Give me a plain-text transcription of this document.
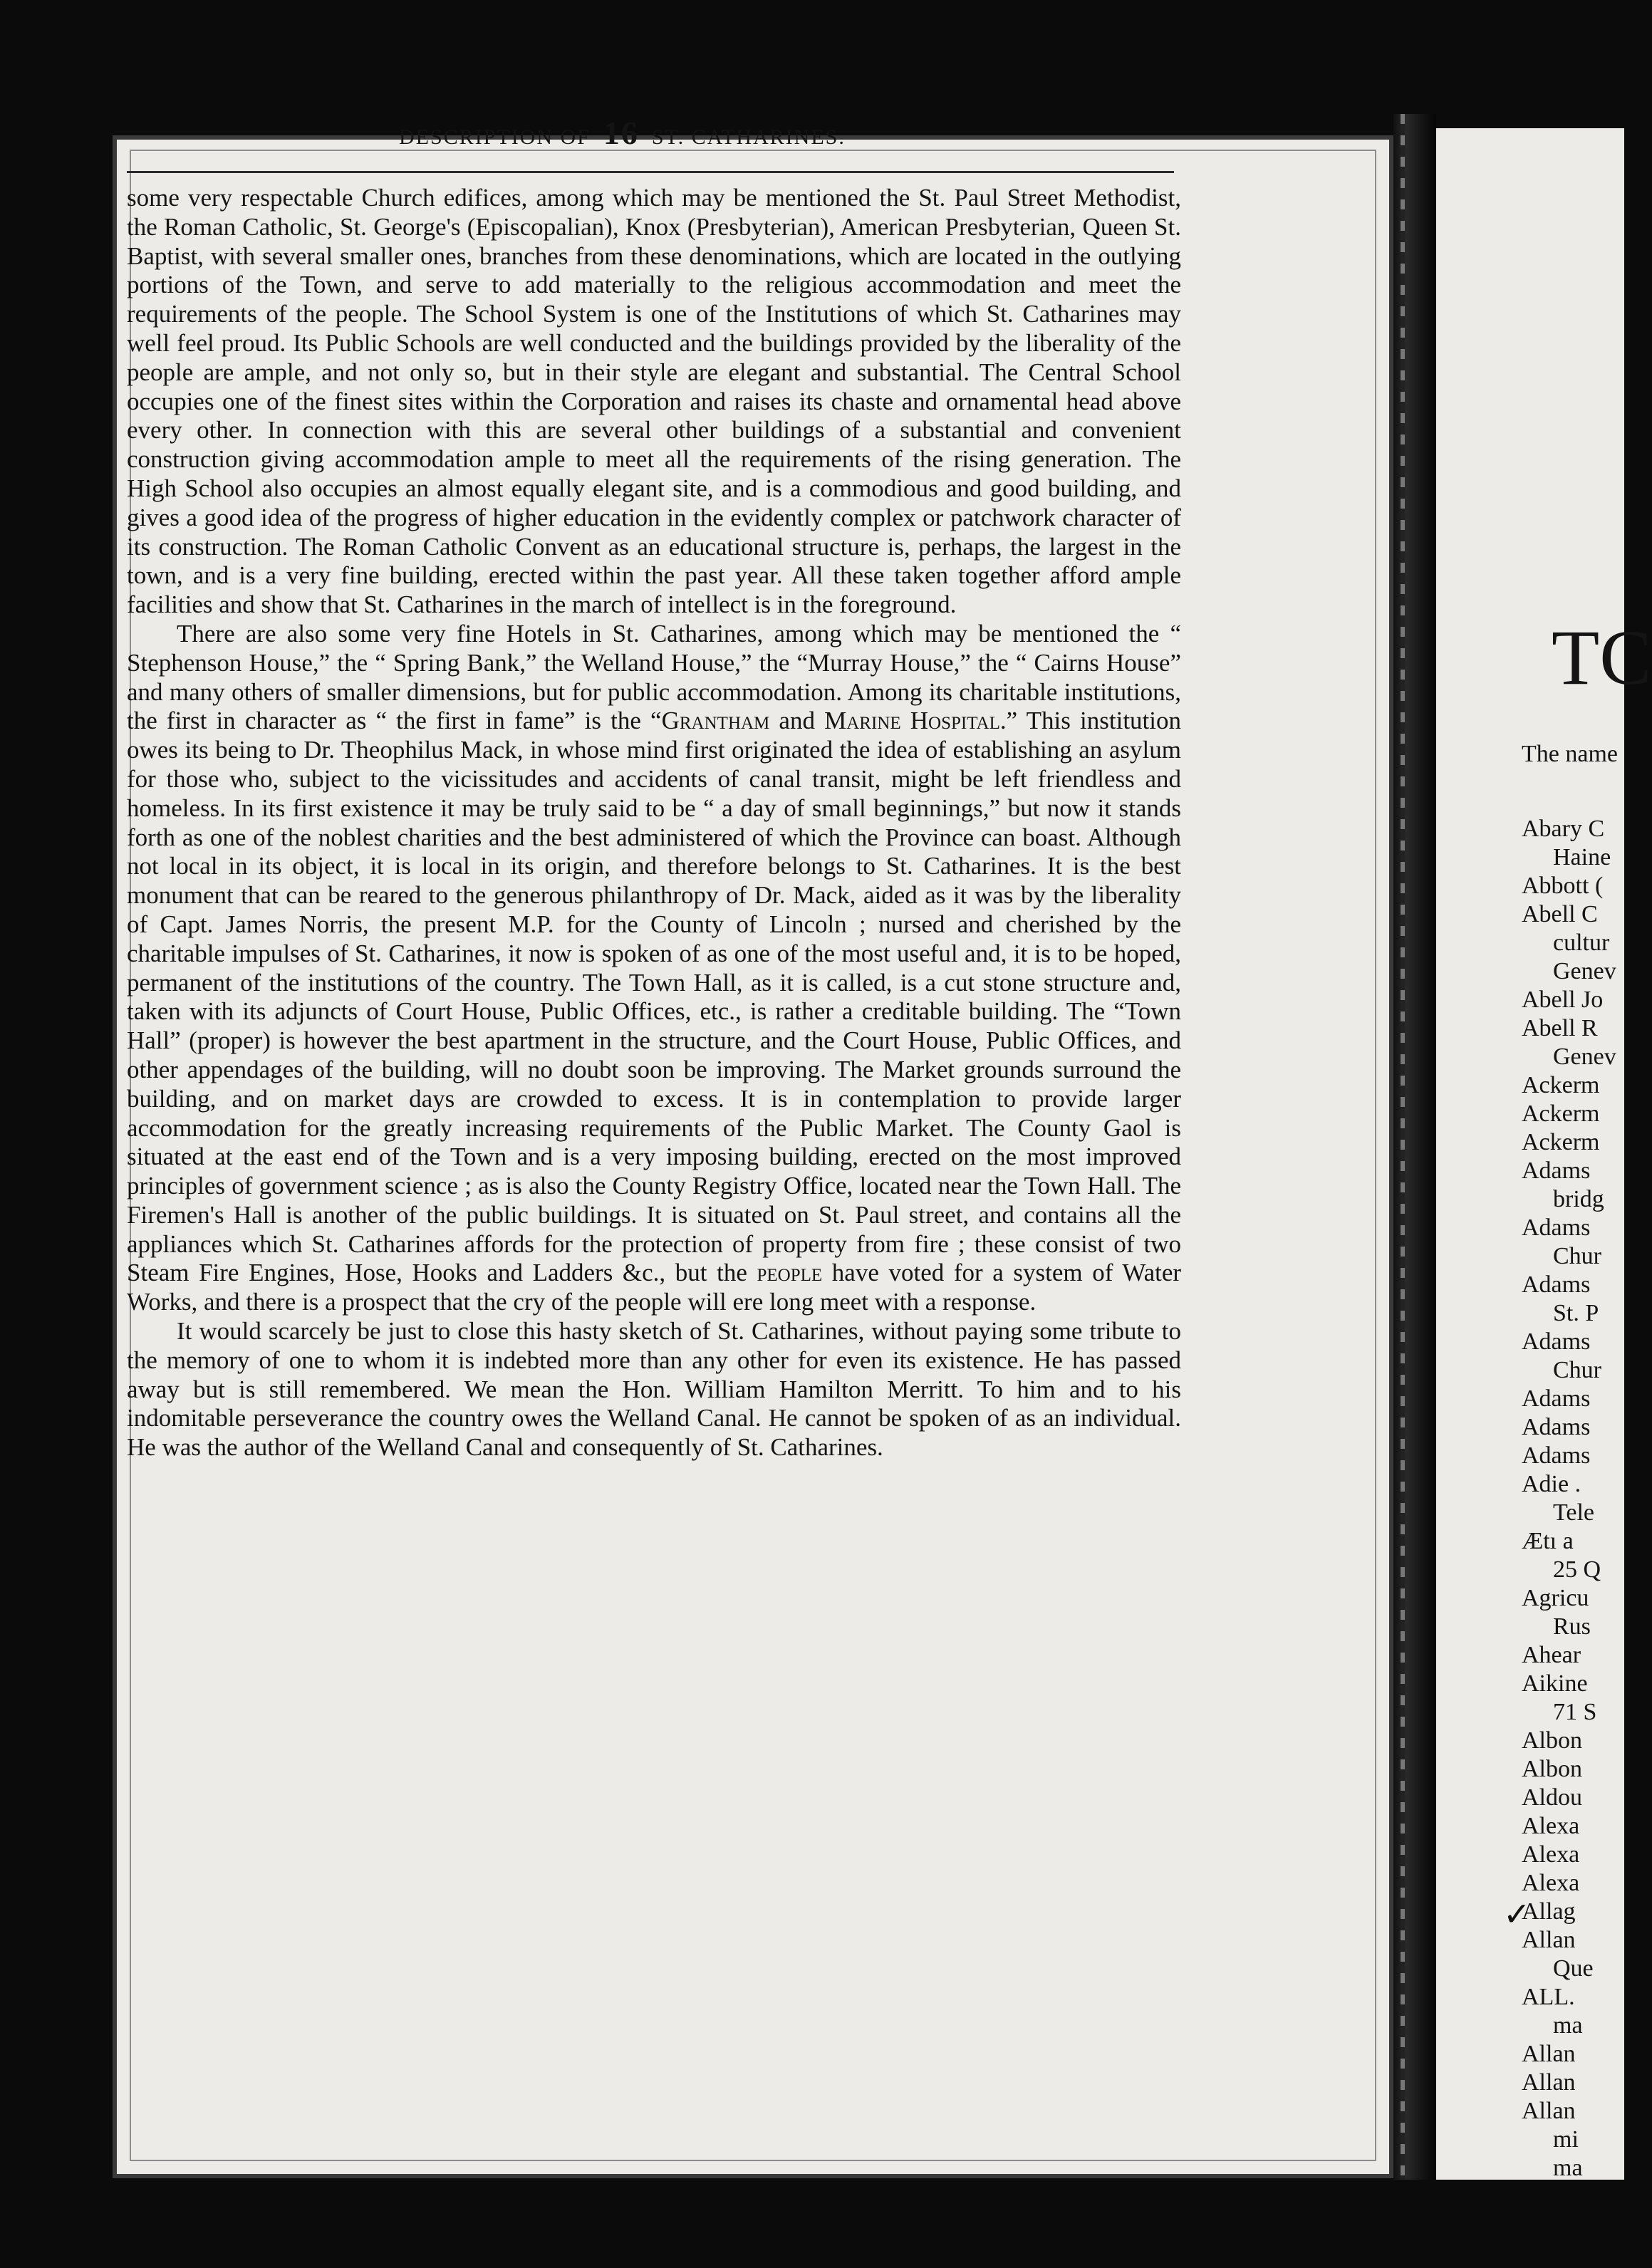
DESCRIPTION OF 16 ST. CATHARINES.

some very respectable Church edifices, among which may be mentioned the St. Paul Street Methodist, the Roman Catholic, St. George's (Episcopalian), Knox (Presbyterian), American Presbyterian, Queen St. Baptist, with several smaller ones, branches from these denominations, which are located in the outlying portions of the Town, and serve to add materially to the religious accommodation and meet the requirements of the people. The School System is one of the Institutions of which St. Catharines may well feel proud. Its Public Schools are well conducted and the buildings provided by the liberality of the people are ample, and not only so, but in their style are elegant and substantial. The Central School occupies one of the finest sites within the Corporation and raises its chaste and ornamental head above every other. In connection with this are several other buildings of a substantial and convenient construction giving accommodation ample to meet all the requirements of the rising generation. The High School also occupies an almost equally elegant site, and is a commodious and good building, and gives a good idea of the progress of higher education in the evidently complex or patchwork character of its construction. The Roman Catholic Convent as an educational structure is, perhaps, the largest in the town, and is a very fine building, erected within the past year. All these taken together afford ample facilities and show that St. Catharines in the march of intellect is in the foreground.

There are also some very fine Hotels in St. Catharines, among which may be mentioned the “ Stephenson House,” the “ Spring Bank,” the Welland House,” the “Murray House,” the “ Cairns House” and many others of smaller dimensions, but for public accommodation. Among its charitable institutions, the first in character as “ the first in fame” is the “Grantham and Marine Hospital.” This institution owes its being to Dr. Theophilus Mack, in whose mind first originated the idea of establishing an asylum for those who, subject to the vicissitudes and accidents of canal transit, might be left friendless and homeless. In its first existence it may be truly said to be “ a day of small beginnings,” but now it stands forth as one of the noblest charities and the best administered of which the Province can boast. Although not local in its object, it is local in its origin, and therefore belongs to St. Catharines. It is the best monument that can be reared to the generous philanthropy of Dr. Mack, aided as it was by the liberality of Capt. James Norris, the present M.P. for the County of Lincoln ; nursed and cherished by the charitable impulses of St. Catharines, it now is spoken of as one of the most useful and, it is to be hoped, permanent of the institutions of the country. The Town Hall, as it is called, is a cut stone structure and, taken with its adjuncts of Court House, Public Offices, etc., is rather a creditable building. The “Town Hall” (proper) is however the best apartment in the structure, and the Court House, Public Offices, and other appendages of the building, will no doubt soon be improving. The Market grounds surround the building, and on market days are crowded to excess. It is in contemplation to provide larger accommodation for the greatly increasing requirements of the Public Market. The County Gaol is situated at the east end of the Town and is a very imposing building, erected on the most improved principles of government science ; as is also the County Registry Office, located near the Town Hall. The Firemen's Hall is another of the public buildings. It is situated on St. Paul street, and contains all the appliances which St. Catharines affords for the protection of property from fire ; these consist of two Steam Fire Engines, Hose, Hooks and Ladders &c., but the people have voted for a system of Water Works, and there is a prospect that the cry of the people will ere long meet with a response.

It would scarcely be just to close this hasty sketch of St. Catharines, without paying some tribute to the memory of one to whom it is indebted more than any other for even its existence. He has passed away but is still remembered. We mean the Hon. William Hamilton Merritt. To him and to his indomitable perseverance the country owes the Welland Canal. He cannot be spoken of as an individual. He was the author of the Welland Canal and consequently of St. Catharines.

TC
The name
Abary C
Haine
Abbott (
Abell C
cultur
Genev
Abell Jo
Abell R
Genev
Ackerm
Ackerm
Ackerm
Adams
bridg
Adams
Chur
Adams
St. P
Adams
Chur
Adams
Adams
Adams
Adie .
Tele
Ætı a
25 Q
Agricu
Rus
Ahear
Aikine
71 S
Albon
Albon
Aldou
Alexa
Alexa
Alexa
Allag
Allan
Que
ALL.
ma
Allan
Allan
Allan
mi
ma
✓
